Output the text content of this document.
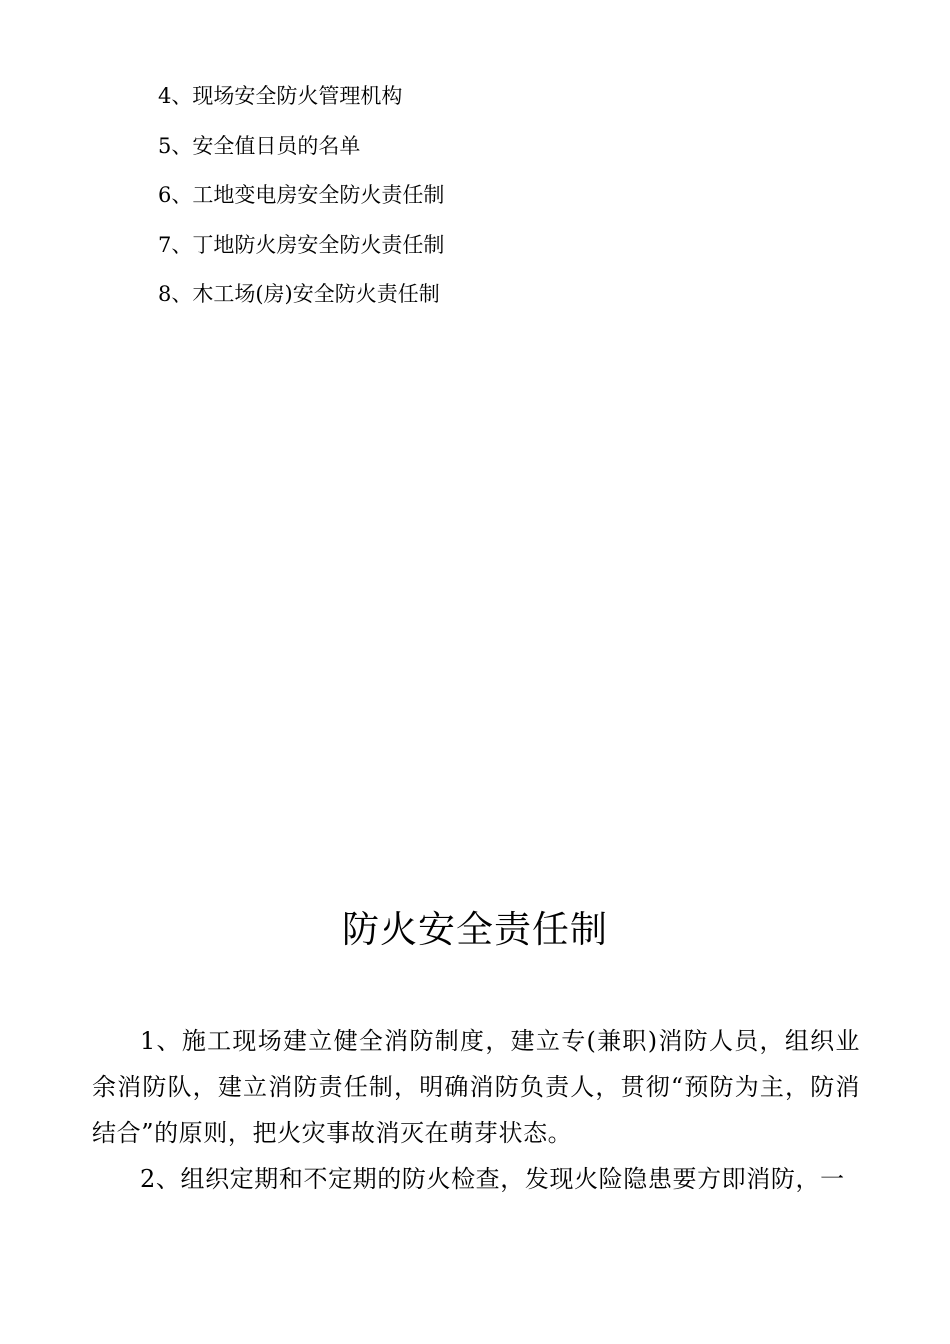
4、现场安全防火管理机构
5、安全值日员的名单
6、工地变电房安全防火责任制
7、丁地防火房安全防火责任制
8、木工场(房)安全防火责任制
防火安全责任制

1、施工现场建立健全消防制度，建立专(兼职)消防人员，组织业余消防队，建立消防责任制，明确消防负责人，贯彻“预防为主，防消结合”的原则，把火灾事故消灭在萌芽状态。

2、组织定期和不定期的防火检查，发现火险隐患要方即消防，一
